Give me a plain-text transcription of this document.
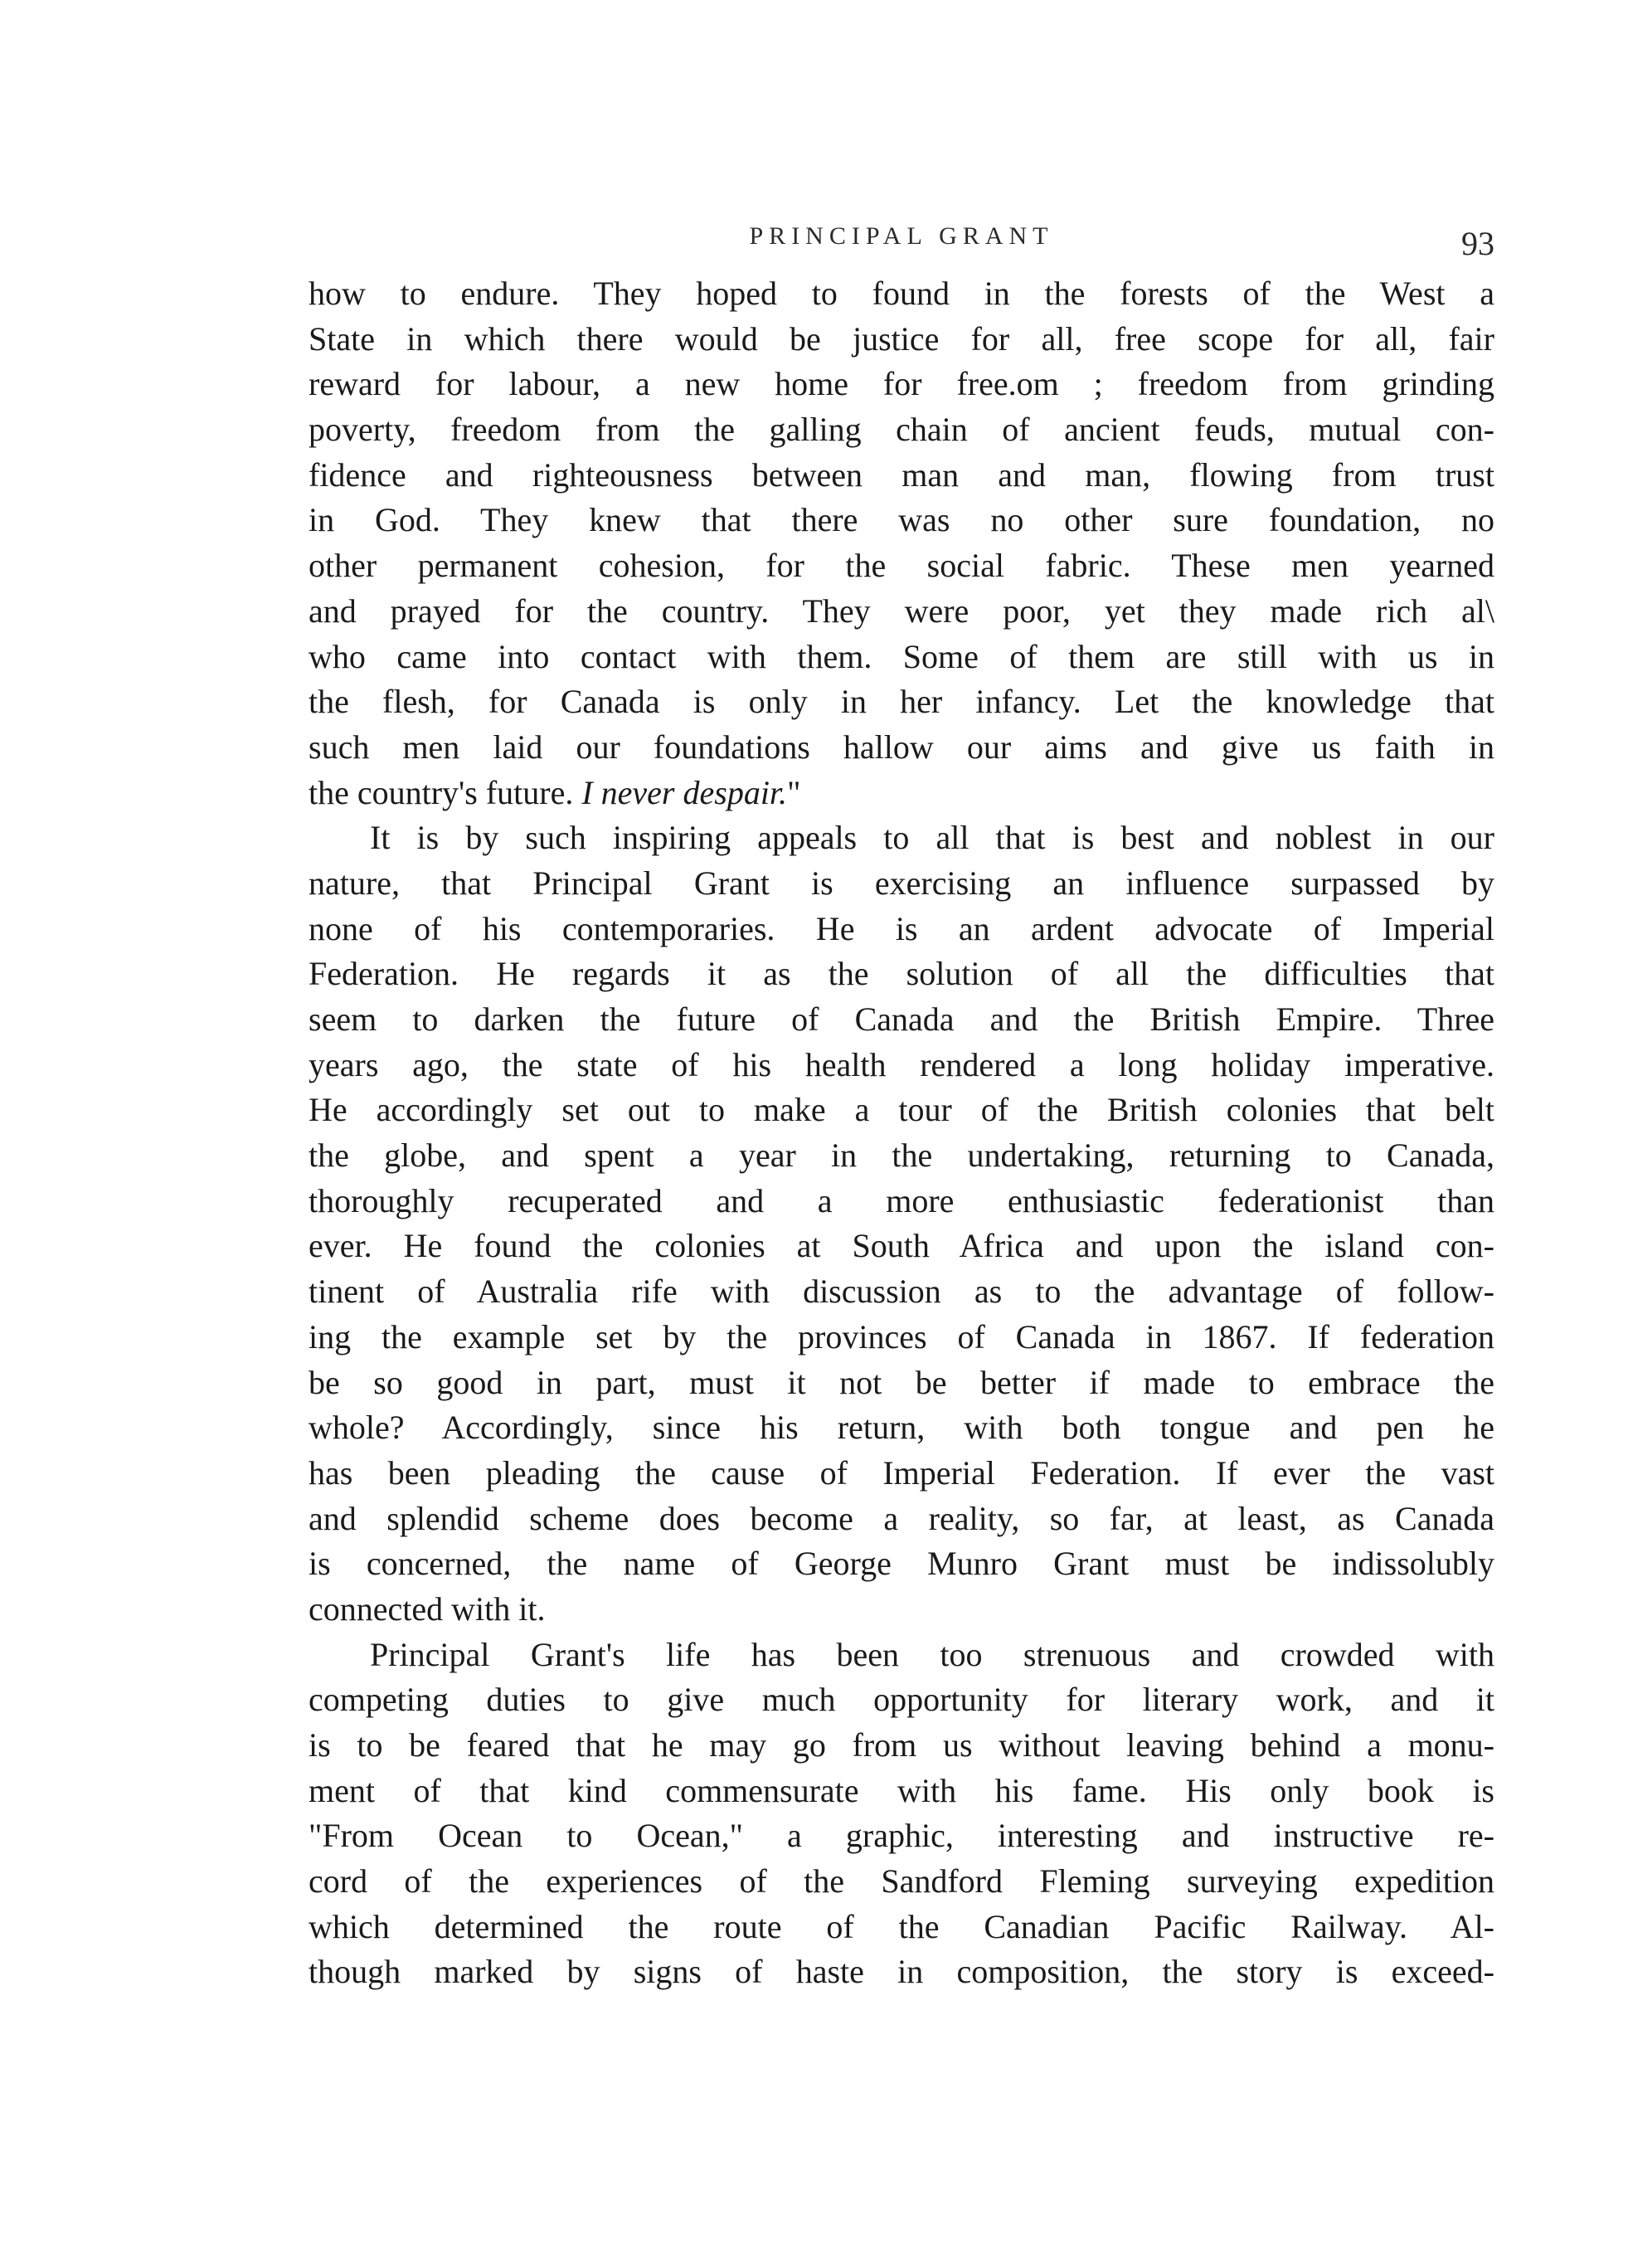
PRINCIPAL GRANT	93
how to endure. They hoped to found in the forests of the West a
State in which there would be justice for all, free scope for all, fair
reward for labour, a new home for free.om ; freedom from grinding
poverty, freedom from the galling chain of ancient feuds, mutual con-
fidence and righteousness between man and man, flowing from trust
in God. They knew that there was no other sure foundation, no
other permanent cohesion, for the social fabric. These men yearned
and prayed for the country. They were poor, yet they made rich al\
who came into contact with them. Some of them are still with us in
the flesh, for Canada is only in her infancy. Let the knowledge that
such men laid our foundations hallow our aims and give us faith in
the country's future. I never despair."
It is by such inspiring appeals to all that is best and noblest in our
nature, that Principal Grant is exercising an influence surpassed by
none of his contemporaries. He is an ardent advocate of Imperial
Federation. He regards it as the solution of all the difficulties that
seem to darken the future of Canada and the British Empire. Three
years ago, the state of his health rendered a long holiday imperative.
He accordingly set out to make a tour of the British colonies that belt
the globe, and spent a year in the undertaking, returning to Canada,
thoroughly recuperated and a more enthusiastic federationist than
ever. He found the colonies at South Africa and upon the island con-
tinent of Australia rife with discussion as to the advantage of follow-
ing the example set by the provinces of Canada in 1867. If federation
be so good in part, must it not be better if made to embrace the
whole? Accordingly, since his return, with both tongue and pen he
has been pleading the cause of Imperial Federation. If ever the vast
and splendid scheme does become a reality, so far, at least, as Canada
is concerned, the name of George Munro Grant must be indissolubly
connected with it.
Principal Grant's life has been too strenuous and crowded with
competing duties to give much opportunity for literary work, and it
is to be feared that he may go from us without leaving behind a monu-
ment of that kind commensurate with his fame. His only book is
"From Ocean to Ocean," a graphic, interesting and instructive re-
cord of the experiences of the Sandford Fleming surveying expedition
which determined the route of the Canadian Pacific Railway. Al-
though marked by signs of haste in composition, the story is exceed-
